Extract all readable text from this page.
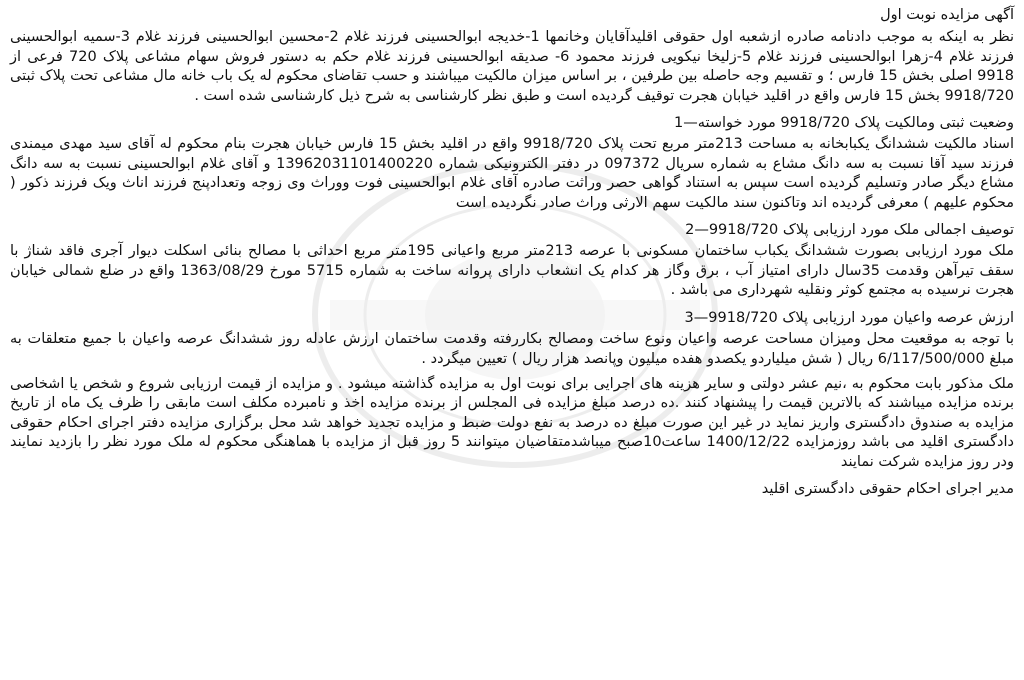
آگهی مزایده نوبت اول

نظر به اینکه به موجب دادنامه صادره ازشعبه اول حقوقی اقلیدآقایان وخانمها 1-خدیجه ابوالحسینی فرزند غلام 2-محسین ابوالحسینی فرزند غلام 3-سمیه ابوالحسینی فرزند غلام 4-زهرا ابوالحسینی فرزند غلام 5-زلیخا نیکویی فرزند محمود 6- صدیقه ابوالحسینی فرزند غلام حکم به دستور فروش سهام مشاعی پلاک 720 فرعی از 9918 اصلی بخش 15 فارس ؛ و تقسیم وجه حاصله بین طرفین ، بر اساس میزان مالکیت میباشند و حسب تقاضای محکوم له یک باب خانه مال مشاعی تحت پلاک ثبتی 9918/720 بخش 15 فارس واقع در اقلید خیابان هجرت توقیف گردیده است و طبق نظر کارشناسی به شرح ذیل کارشناسی شده است .

وضعیت ثبتی ومالکیت پلاک 9918/720 مورد خواسته—1

اسناد مالکیت ششدانگ یکبابخانه به مساحت 213متر مربع تحت پلاک 9918/720 واقع در اقلید بخش 15 فارس خیابان هجرت بنام محکوم له آقای سید مهدی میمندی فرزند سید آقا نسبت به سه دانگ مشاع به شماره سریال 097372 در دفتر الکترونیکی شماره 13962031101400220 و آقای غلام ابوالحسینی نسبت به سه دانگ مشاع دیگر صادر وتسلیم گردیده است سپس به استناد گواهی حصر وراثت صادره آقای غلام ابوالحسینی فوت ووراث وی زوجه وتعدادپنج فرزند اناث ویک فرزند ذکور ( محکوم علیهم ) معرفی گردیده اند وتاکنون سند مالکیت سهم الارثی وراث صادر نگردیده است

توصیف اجمالی ملک مورد ارزیابی پلاک 9918/720—2

ملک مورد ارزیابی بصورت ششدانگ یکباب ساختمان مسکونی با عرصه 213متر مربع واعیانی 195متر مربع احداثی با مصالح بنائی اسکلت دیوار آجری فاقد شناژ با سقف تیرآهن وقدمت 35سال دارای امتیاز آب ، برق وگاز هر کدام یک انشعاب دارای پروانه ساخت به شماره 5715 مورخ 1363/08/29 واقع در ضلع شمالی خیابان هجرت نرسیده به مجتمع کوثر ونقلیه شهرداری می باشد .

ارزش عرصه واعیان مورد ارزیابی پلاک 9918/720—3

با توجه به موقعیت محل ومیزان مساحت عرصه واعیان ونوع ساخت ومصالح بکاررفته وقدمت ساختمان ارزش عادله روز ششدانگ عرصه واعیان با جمیع متعلقات به مبلغ 6/117/500/000 ریال ( شش میلیاردو یکصدو هفده میلیون وپانصد هزار ریال ) تعیین میگردد .

ملک مذکور بابت محکوم به ،نیم عشر دولتی و سایر هزینه های اجرایی برای نوبت اول به مزایده گذاشته میشود . و مزایده از قیمت ارزیابی شروع و شخص یا اشخاصی برنده مزایده میباشند که بالاترین قیمت را پیشنهاد کنند .ده درصد مبلغ مزایده فی المجلس از برنده مزایده اخذ و نامبرده مکلف است مابقی را ظرف یک ماه از تاریخ مزایده به صندوق دادگستری واریز نماید در غیر این صورت مبلغ ده درصد به نفع دولت ضبط و مزایده تجدید خواهد شد محل برگزاری مزایده دفتر اجرای احکام حقوقی دادگستری اقلید می باشد روزمزایده 1400/12/22 ساعت10صبح میباشدمتقاضیان میتوانند 5 روز قبل از مزایده با هماهنگی محکوم له ملک مورد نظر را بازدید نمایند ودر روز مزایده شرکت نمایند

مدیر اجرای احکام حقوقی دادگستری اقلید
